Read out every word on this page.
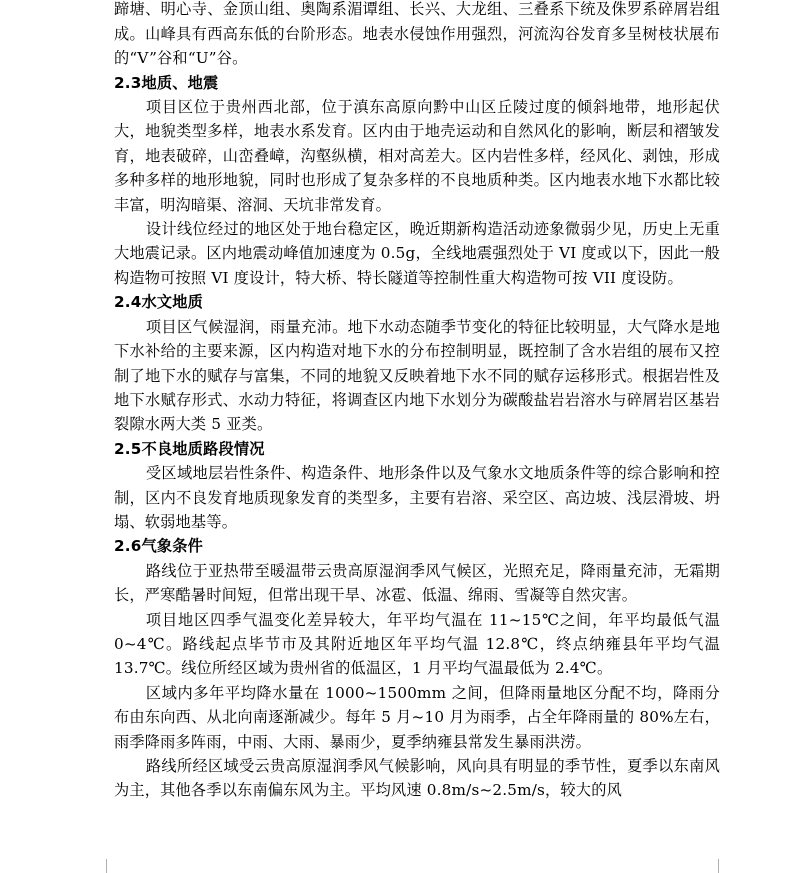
蹄塘、明心寺、金顶山组、奥陶系湄谭组、长兴、大龙组、三叠系下统及侏罗系碎屑岩组成。山峰具有西高东低的台阶形态。地表水侵蚀作用强烈，河流沟谷发育多呈树枝状展布的“V”谷和“U”谷。

2.3地质、地震

项目区位于贵州西北部，位于滇东高原向黔中山区丘陵过度的倾斜地带，地形起伏大，地貌类型多样，地表水系发育。区内由于地壳运动和自然风化的影响，断层和褶皱发育，地表破碎，山峦叠嶂，沟壑纵横，相对高差大。区内岩性多样，经风化、剥蚀，形成多种多样的地形地貌，同时也形成了复杂多样的不良地质种类。区内地表水地下水都比较丰富，明沟暗渠、溶洞、天坑非常发育。

设计线位经过的地区处于地台稳定区，晚近期新构造活动迹象微弱少见，历史上无重大地震记录。区内地震动峰值加速度为 0.5g，全线地震强烈处于 VI 度或以下，因此一般构造物可按照 VI 度设计，特大桥、特长隧道等控制性重大构造物可按 VII 度设防。

2.4水文地质

项目区气候湿润，雨量充沛。地下水动态随季节变化的特征比较明显，大气降水是地下水补给的主要来源，区内构造对地下水的分布控制明显，既控制了含水岩组的展布又控制了地下水的赋存与富集，不同的地貌又反映着地下水不同的赋存运移形式。根据岩性及地下水赋存形式、水动力特征，将调查区内地下水划分为碳酸盐岩岩溶水与碎屑岩区基岩裂隙水两大类 5 亚类。

2.5不良地质路段情况

受区域地层岩性条件、构造条件、地形条件以及气象水文地质条件等的综合影响和控制，区内不良发育地质现象发育的类型多，主要有岩溶、采空区、高边坡、浅层滑坡、坍塌、软弱地基等。

2.6气象条件

路线位于亚热带至暖温带云贵高原湿润季风气候区，光照充足，降雨量充沛，无霜期长，严寒酷暑时间短，但常出现干旱、冰雹、低温、绵雨、雪凝等自然灾害。

项目地区四季气温变化差异较大，年平均气温在 11~15℃之间，年平均最低气温 0~4℃。路线起点毕节市及其附近地区年平均气温 12.8℃，终点纳雍县年平均气温 13.7℃。线位所经区域为贵州省的低温区，1 月平均气温最低为 2.4℃。

区域内多年平均降水量在 1000~1500mm 之间，但降雨量地区分配不均，降雨分布由东向西、从北向南逐渐减少。每年 5 月~10 月为雨季，占全年降雨量的 80%左右，雨季降雨多阵雨，中雨、大雨、暴雨少，夏季纳雍县常发生暴雨洪涝。

路线所经区域受云贵高原湿润季风气候影响，风向具有明显的季节性，夏季以东南风为主，其他各季以东南偏东风为主。平均风速 0.8m/s~2.5m/s，较大的风
